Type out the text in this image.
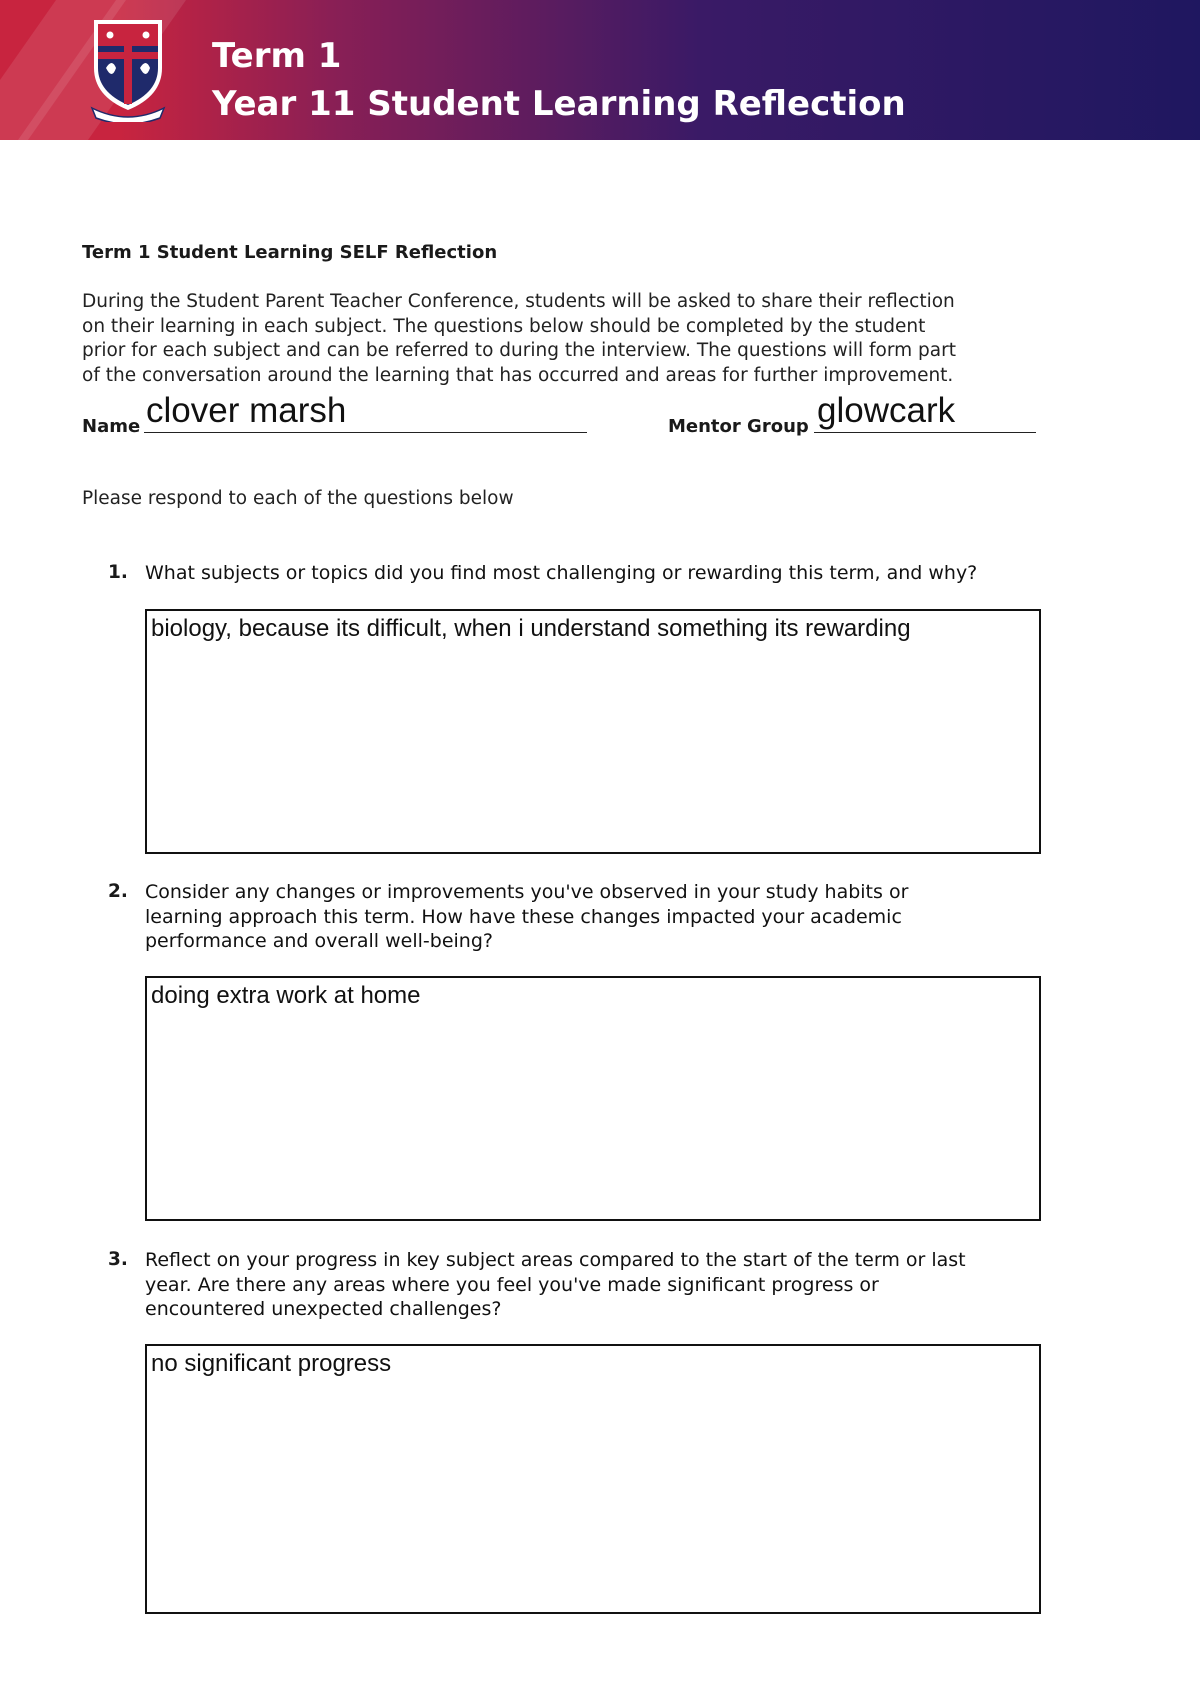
Term 1
Year 11 Student Learning Reflection
Term 1 Student Learning SELF Reflection
During the Student Parent Teacher Conference, students will be asked to share their reflection
on their learning in each subject. The questions below should be completed by the student
prior for each subject and can be referred to during the interview. The questions will form part
of the conversation around the learning that has occurred and areas for further improvement.
Name clover marsh	Mentor Group glowcark
Please respond to each of the questions below
1. What subjects or topics did you find most challenging or rewarding this term, and why?
biology, because its difficult, when i understand something its rewarding
2. Consider any changes or improvements you've observed in your study habits or
learning approach this term. How have these changes impacted your academic
performance and overall well-being?
doing extra work at home
3. Reflect on your progress in key subject areas compared to the start of the term or last
year. Are there any areas where you feel you've made significant progress or
encountered unexpected challenges?
no significant progress
